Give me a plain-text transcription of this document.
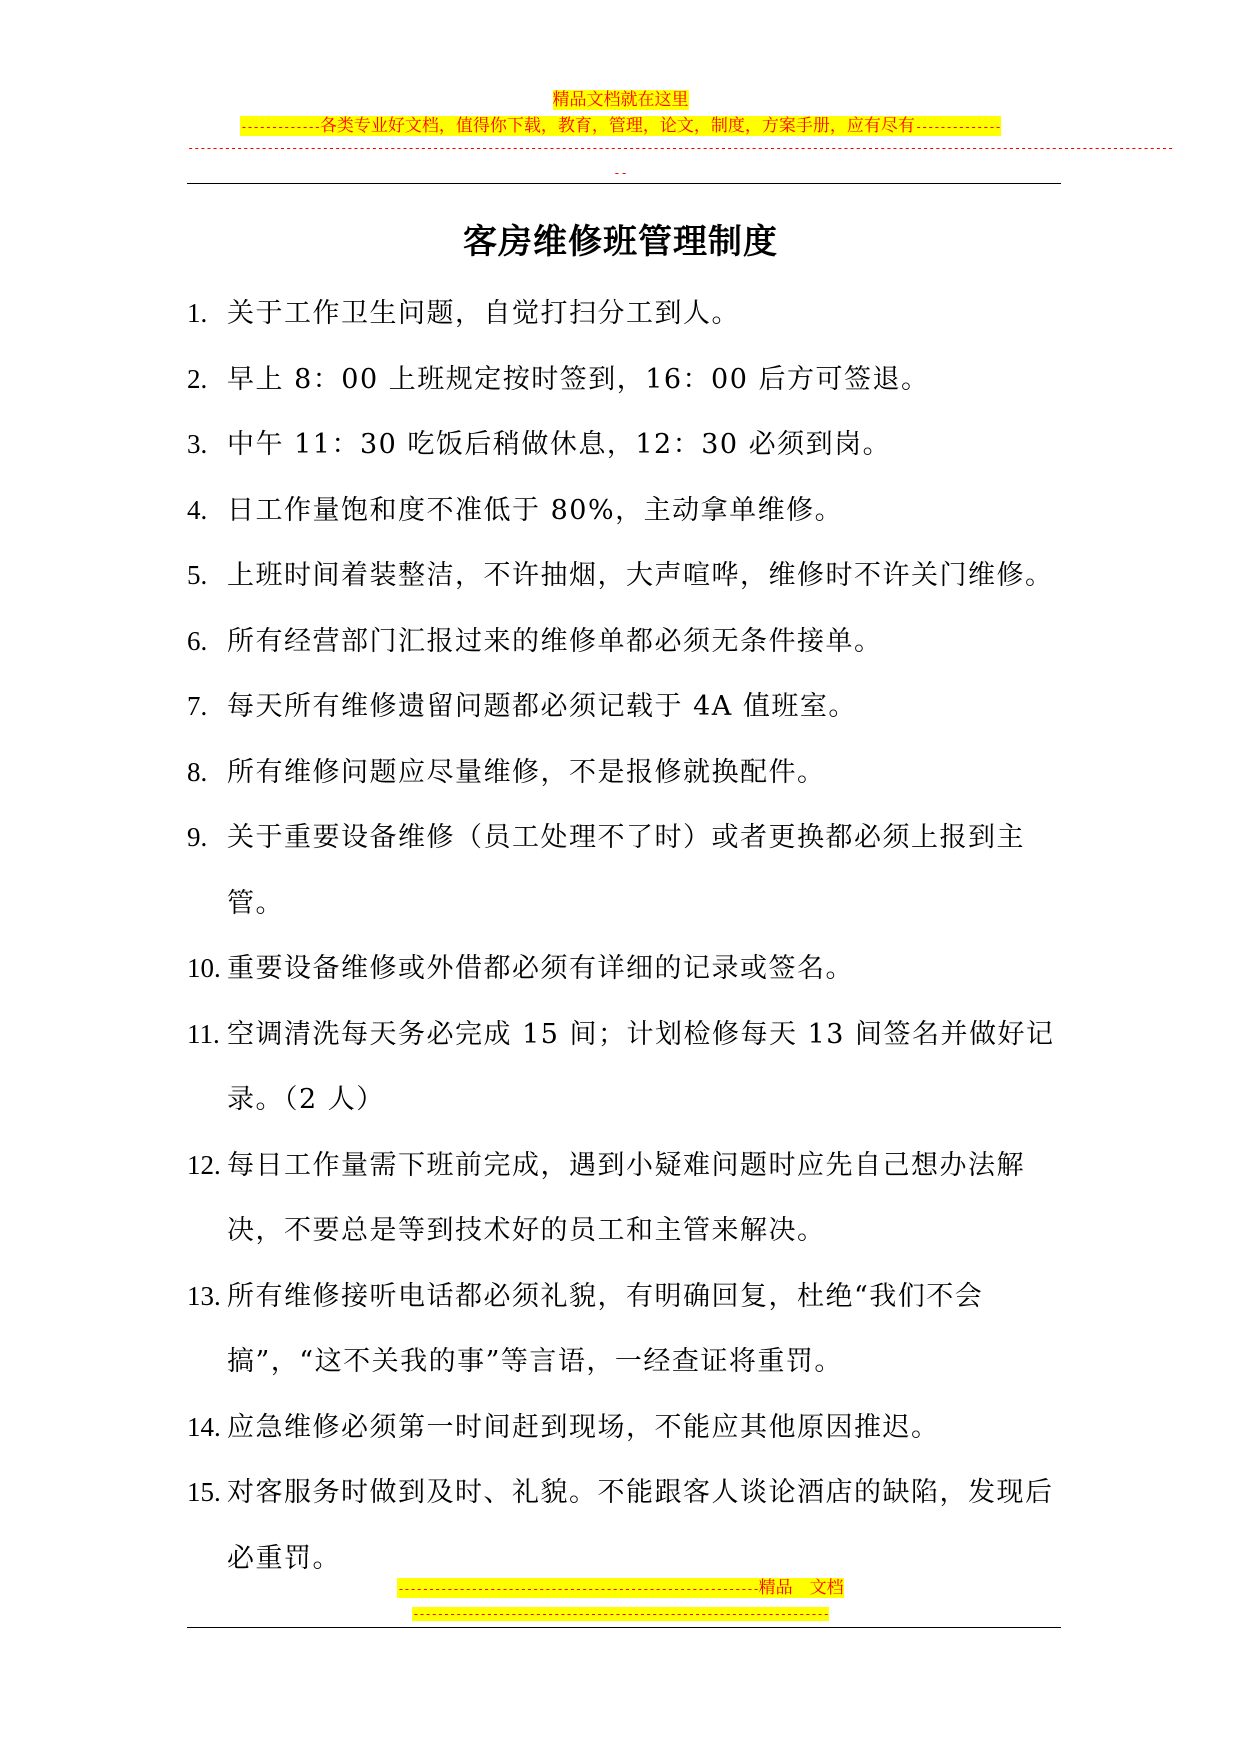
精品文档就在这里
-------------各类专业好文档，值得你下载，教育，管理，论文，制度，方案手册，应有尽有--------------
-----------------------------------------------------------------------------------------------------------------------------------------------------------------
--
客房维修班管理制度
1. 关于工作卫生问题，自觉打扫分工到人。
2. 早上 8：00 上班规定按时签到，16：00 后方可签退。
3. 中午 11：30 吃饭后稍做休息，12：30 必须到岗。
4. 日工作量饱和度不准低于 80%，主动拿单维修。
5. 上班时间着装整洁，不许抽烟，大声喧哗，维修时不许关门维修。
6. 所有经营部门汇报过来的维修单都必须无条件接单。
7. 每天所有维修遗留问题都必须记载于 4A 值班室。
8. 所有维修问题应尽量维修，不是报修就换配件。
9. 关于重要设备维修（员工处理不了时）或者更换都必须上报到主管。
10. 重要设备维修或外借都必须有详细的记录或签名。
11. 空调清洗每天务必完成 15 间；计划检修每天 13 间签名并做好记录。（2 人）
12. 每日工作量需下班前完成，遇到小疑难问题时应先自己想办法解决，不要总是等到技术好的员工和主管来解决。
13. 所有维修接听电话都必须礼貌，有明确回复，杜绝“我们不会搞”，“这不关我的事”等言语，一经查证将重罚。
14. 应急维修必须第一时间赶到现场，不能应其他原因推迟。
15. 对客服务时做到及时、礼貌。不能跟客人谈论酒店的缺陷，发现后必重罚。
-----------------------------------------------------------精品　文档
--------------------------------------------------------------------
